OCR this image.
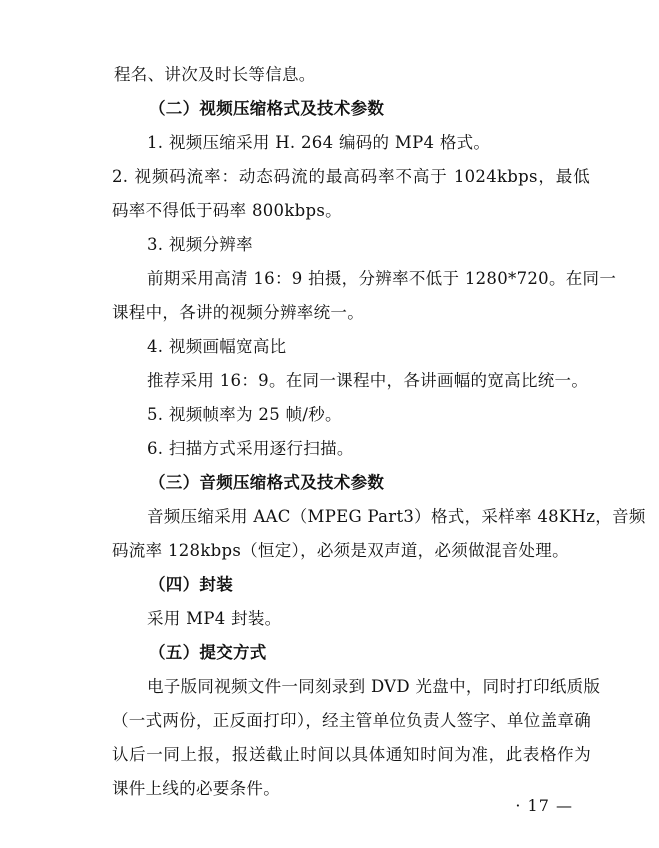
程名、讲次及时长等信息。
（二）视频压缩格式及技术参数
1. 视频压缩采用 H. 264 编码的 MP4 格式。
2. 视频码流率：动态码流的最高码率不高于 1024kbps，最低
码率不得低于码率 800kbps。
3. 视频分辨率
前期采用高清 16：9 拍摄，分辨率不低于 1280*720。在同一
课程中，各讲的视频分辨率统一。
4. 视频画幅宽高比
推荐采用 16：9。在同一课程中，各讲画幅的宽高比统一。
5. 视频帧率为 25 帧/秒。
6. 扫描方式采用逐行扫描。
（三）音频压缩格式及技术参数
音频压缩采用 AAC（MPEG Part3）格式，采样率 48KHz，音频
码流率 128kbps（恒定），必须是双声道，必须做混音处理。
（四）封装
采用 MP4 封装。
（五）提交方式
电子版同视频文件一同刻录到 DVD 光盘中，同时打印纸质版
（一式两份，正反面打印），经主管单位负责人签字、单位盖章确
认后一同上报，报送截止时间以具体通知时间为准，此表格作为
课件上线的必要条件。
· 17 —
